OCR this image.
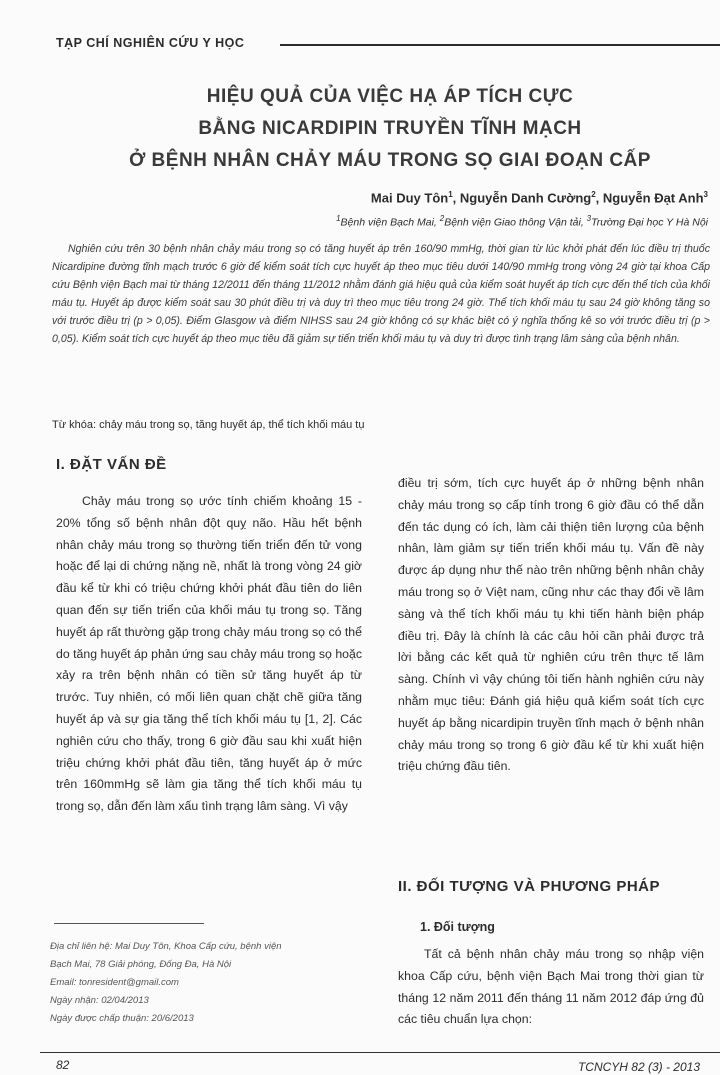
TẠP CHÍ NGHIÊN CỨU Y HỌC
HIỆU QUẢ CỦA VIỆC HẠ ÁP TÍCH CỰC
BẰNG NICARDIPIN TRUYỀN TĨNH MẠCH
Ở BỆNH NHÂN CHẢY MÁU TRONG SỌ GIAI ĐOẠN CẤP
Mai Duy Tôn$^1$, Nguyễn Danh Cường$^2$, Nguyễn Đạt Anh$^3$
$^1$Bệnh viện Bạch Mai, $^2$Bệnh viện Giao thông Vận tải, $^3$Trường Đại học Y Hà Nội

Nghiên cứu trên 30 bệnh nhân chảy máu trong sọ có tăng huyết áp trên 160/90 mmHg, thời gian từ lúc khởi phát đến lúc điều trị thuốc Nicardipine đường tĩnh mạch trước 6 giờ để kiểm soát tích cực huyết áp theo mục tiêu dưới 140/90 mmHg trong vòng 24 giờ tại khoa Cấp cứu Bệnh viện Bạch mai từ tháng 12/2011 đến tháng 11/2012 nhằm đánh giá hiệu quả của kiểm soát huyết áp tích cực đến thể tích của khối máu tụ. Huyết áp được kiểm soát sau 30 phút điều trị và duy trì theo mục tiêu trong 24 giờ. Thể tích khối máu tụ sau 24 giờ không tăng so với trước điều trị (p > 0,05). Điểm Glasgow và điểm NIHSS sau 24 giờ không có sự khác biệt có ý nghĩa thống kê so với trước điều trị (p > 0,05). Kiểm soát tích cực huyết áp theo mục tiêu đã giảm sự tiến triển khối máu tụ và duy trì được tình trạng lâm sàng của bệnh nhân.

Từ khóa: chảy máu trong sọ, tăng huyết áp, thể tích khối máu tụ
I. ĐẶT VẤN ĐỀ

Chảy máu trong sọ ước tính chiếm khoảng 15 - 20% tổng số bệnh nhân đột quỵ não. Hầu hết bệnh nhân chảy máu trong sọ thường tiến triển đến tử vong hoặc để lại di chứng nặng nề, nhất là trong vòng 24 giờ đầu kể từ khi có triệu chứng khởi phát đầu tiên do liên quan đến sự tiến triển của khối máu tụ trong sọ. Tăng huyết áp rất thường gặp trong chảy máu trong sọ có thể do tăng huyết áp phản ứng sau chảy máu trong sọ hoặc xảy ra trên bệnh nhân có tiền sử tăng huyết áp từ trước. Tuy nhiên, có mối liên quan chặt chẽ giữa tăng huyết áp và sự gia tăng thể tích khối máu tụ [1, 2]. Các nghiên cứu cho thấy, trong 6 giờ đầu sau khi xuất hiện triệu chứng khởi phát đầu tiên, tăng huyết áp ở mức trên 160mmHg sẽ làm gia tăng thể tích khối máu tụ trong sọ, dẫn đến làm xấu tình trạng lâm sàng. Vì vậy

điều trị sớm, tích cực huyết áp ở những bệnh nhân chảy máu trong sọ cấp tính trong 6 giờ đầu có thể dẫn đến tác dụng có ích, làm cải thiện tiên lượng của bệnh nhân, làm giảm sự tiến triển khối máu tụ. Vấn đề này được áp dụng như thế nào trên những bệnh nhân chảy máu trong sọ ở Việt nam, cũng như các thay đổi về lâm sàng và thể tích khối máu tụ khi tiến hành biện pháp điều trị. Đây là chính là các câu hỏi cần phải được trả lời bằng các kết quả từ nghiên cứu trên thực tế lâm sàng. Chính vì vậy chúng tôi tiến hành nghiên cứu này nhằm mục tiêu: Đánh giá hiệu quả kiểm soát tích cực huyết áp bằng nicardipin truyền tĩnh mạch ở bệnh nhân chảy máu trong sọ trong 6 giờ đầu kể từ khi xuất hiện triệu chứng đầu tiên.

II. ĐỐI TƯỢNG VÀ PHƯƠNG PHÁP
1. Đối tượng

Tất cả bệnh nhân chảy máu trong sọ nhập viện khoa Cấp cứu, bệnh viện Bạch Mai trong thời gian từ tháng 12 năm 2011 đến tháng 11 năm 2012 đáp ứng đủ các tiêu chuẩn lựa chọn:

Địa chỉ liên hệ: Mai Duy Tôn, Khoa Cấp cứu, bệnh viện
Bạch Mai, 78 Giải phóng, Đống Đa, Hà Nội
Email: tonresident@gmail.com
Ngày nhận: 02/04/2013
Ngày được chấp thuận: 20/6/2013
82	TCNCYH 82 (3) - 2013
